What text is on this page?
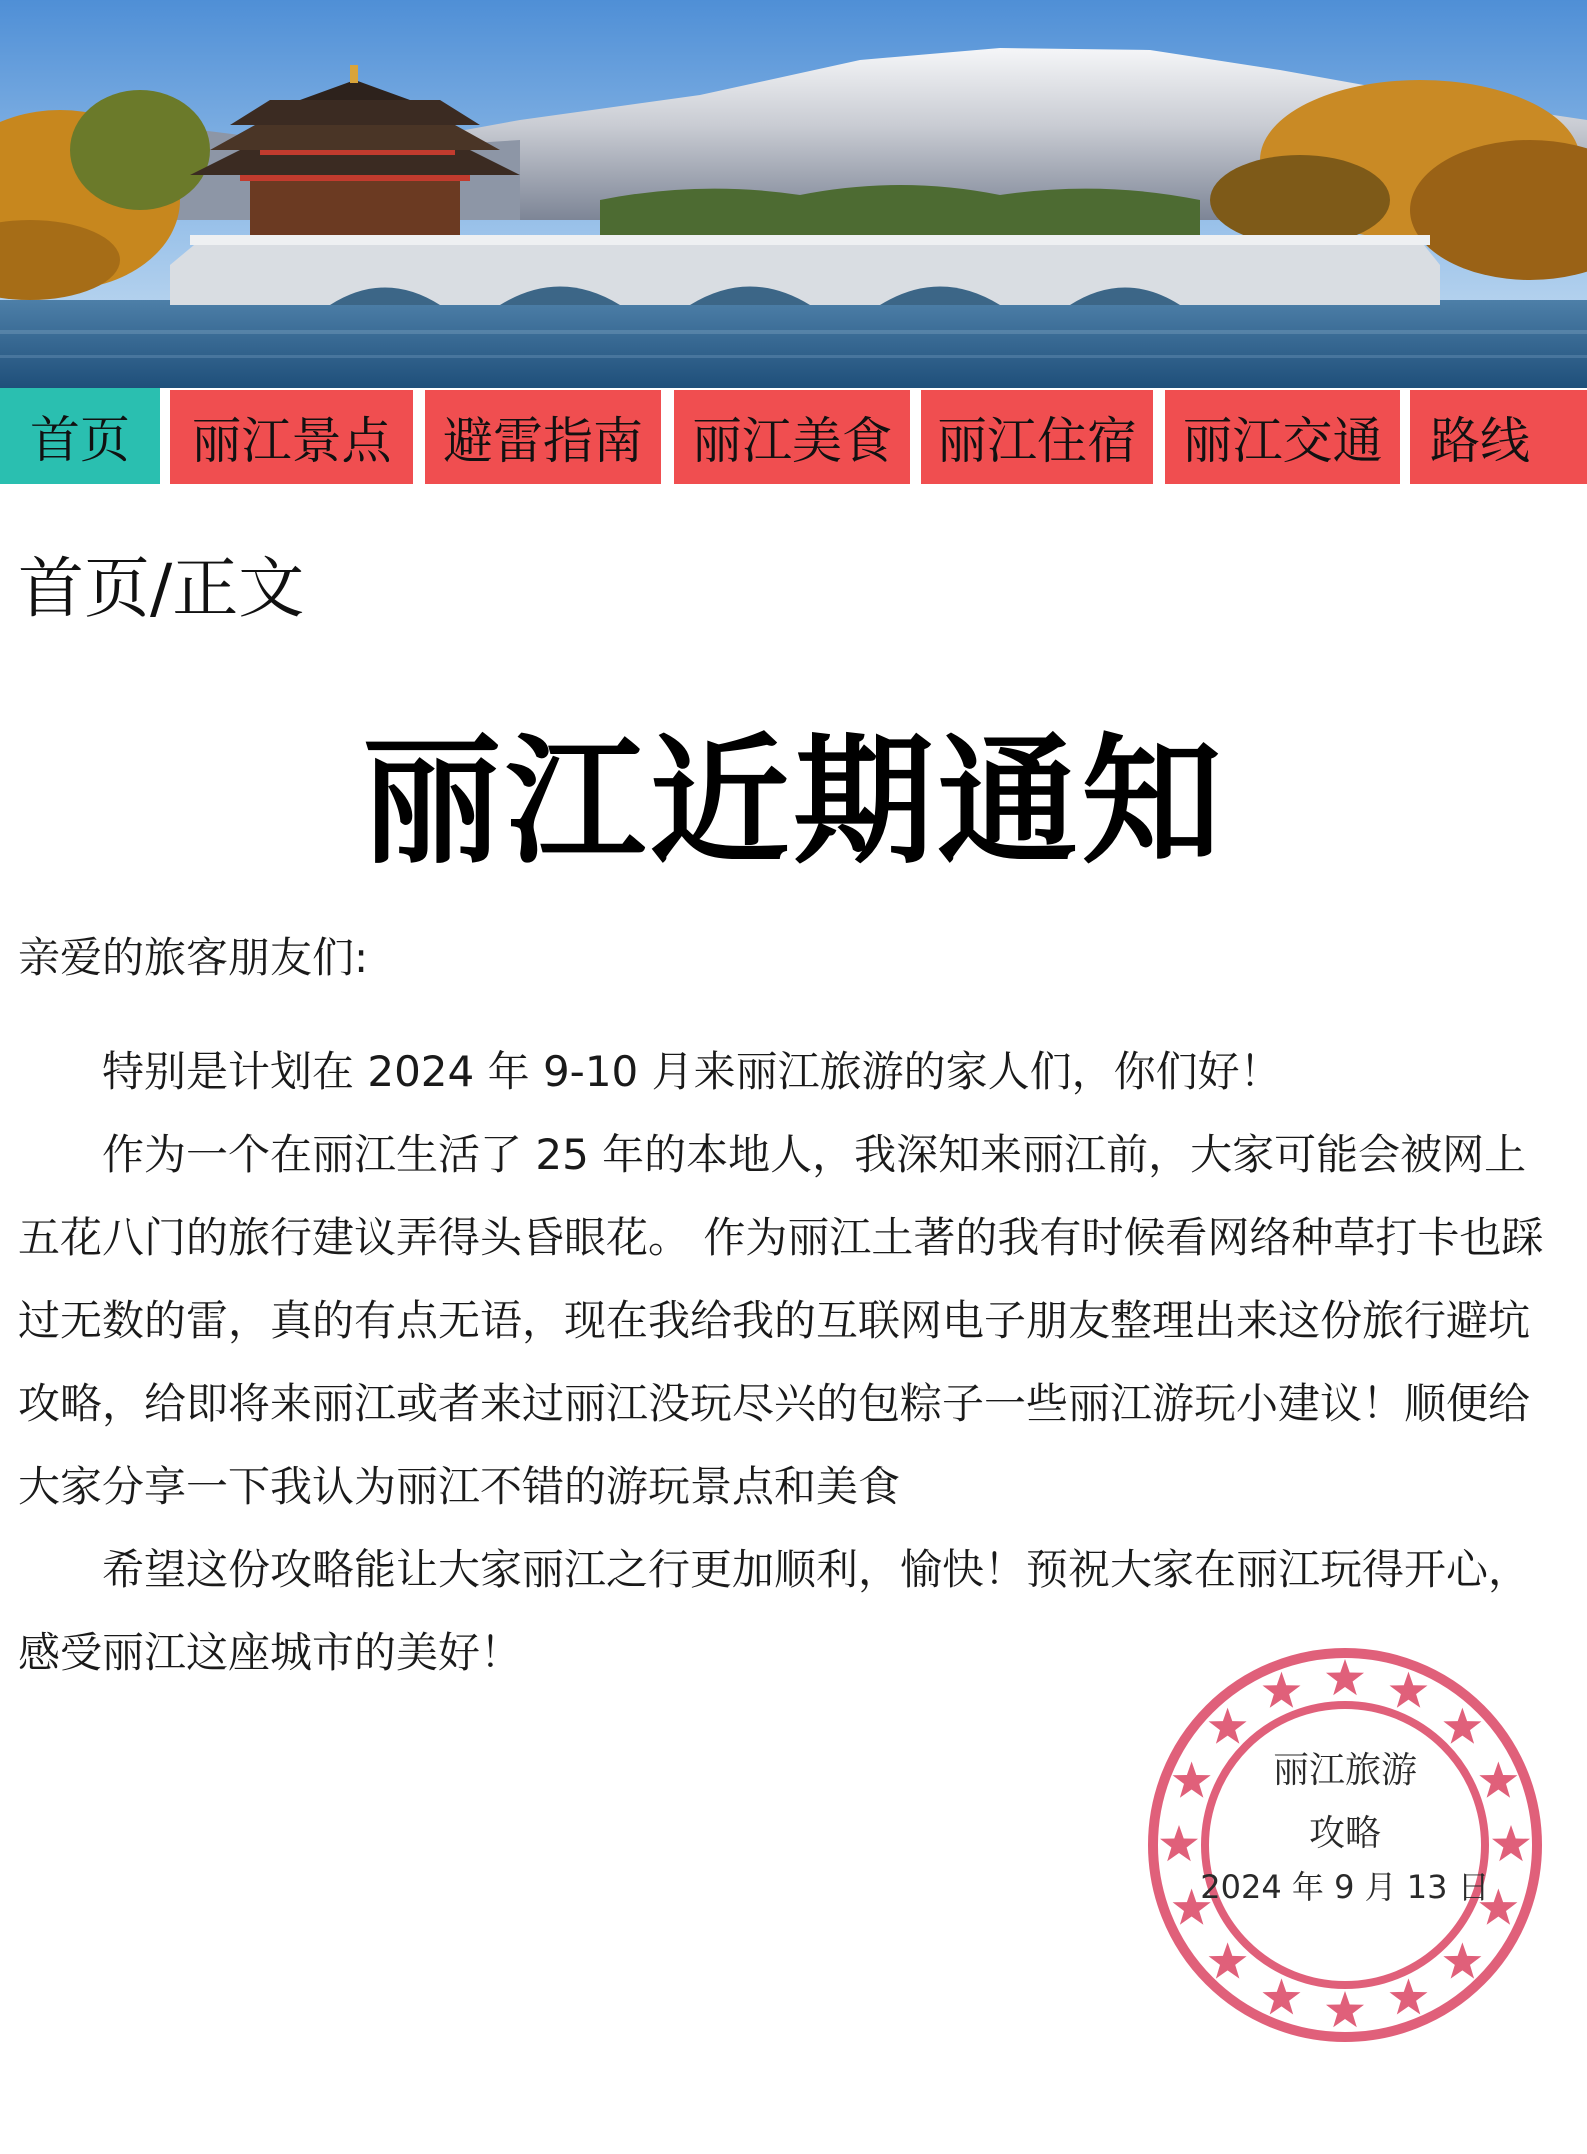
首页	丽江景点	避雷指南 丽江美食 丽江住宿 丽江交通 路线
首页/正文
丽江近期通知
亲爱的旅客朋友们:

特别是计划在 2024 年 9-10 月来丽江旅游的家人们，你们好！

作为一个在丽江生活了 25 年的本地人，我深知来丽江前，大家可能会被网上五花八门的旅行建议弄得头昏眼花。 作为丽江土著的我有时候看网络种草打卡也踩过无数的雷，真的有点无语，现在我给我的互联网电子朋友整理出来这份旅行避坑攻略，给即将来丽江或者来过丽江没玩尽兴的包粽子一些丽江游玩小建议！顺便给大家分享一下我认为丽江不错的游玩景点和美食

希望这份攻略能让大家丽江之行更加顺利，愉快！预祝大家在丽江玩得开心，感受丽江这座城市的美好！

丽江旅游
攻略
2024 年 9 月 13 日
